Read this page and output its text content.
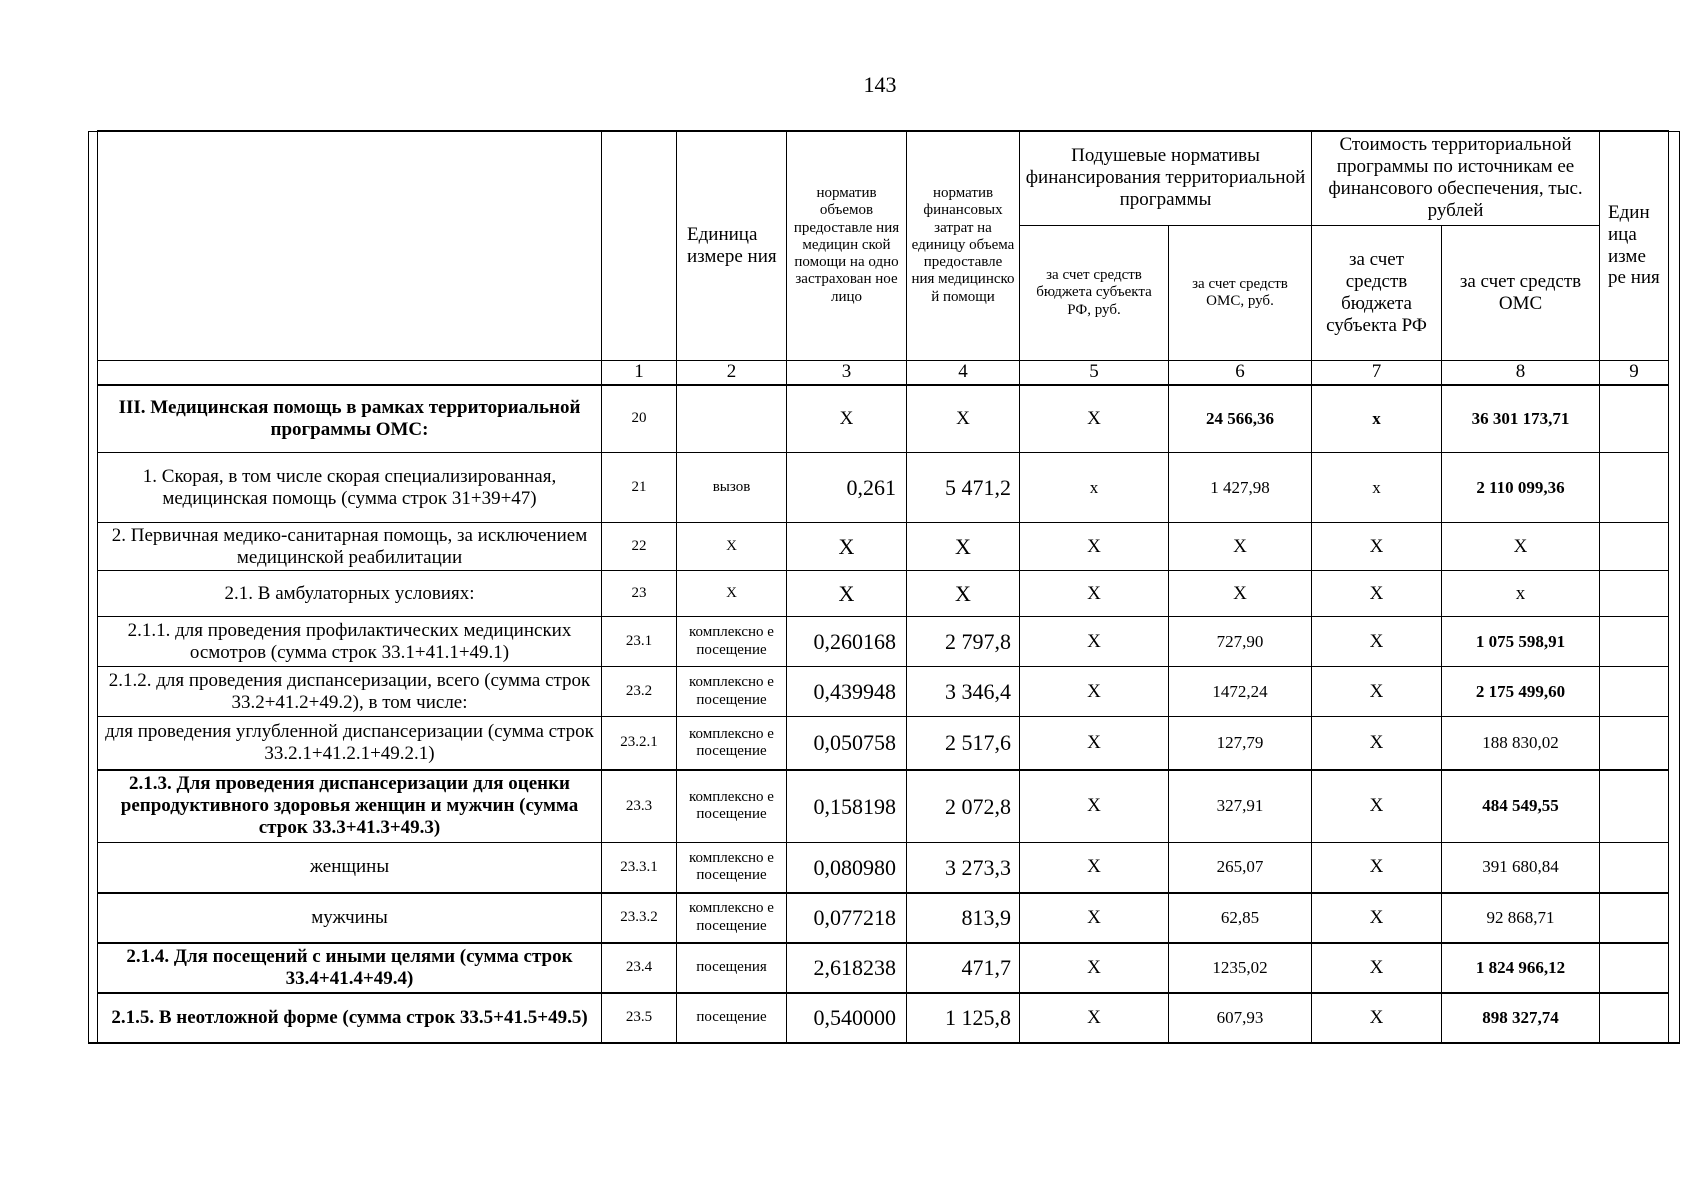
143
		Единица измере ния	норматив объемов предоставле ния медицин ской помощи на одно застрахован ное лицо	норматив финансовых затрат на единицу объема предоставле ния медицинско й помощи	Подушевые нормативы финансирования территориальной программы		Стоимость территориальной программы по источникам ее финансового обеспечения, тыс. рублей		Един ица изме ре ния
					за счет средств бюджета субъекта РФ, руб.	за счет средств ОМС, руб.	за счет средств бюджета субъекта РФ	за счет средств ОМС	
	1	2	3	4	5	6	7	8	9
III. Медицинская помощь в рамках территориальной программы ОМС:	20		X	X	X	24 566,36	х	36 301 173,71	
1. Скорая, в том числе скорая специализированная, медицинская помощь (сумма строк 31+39+47)	21	вызов	0,261	5 471,2	х	1 427,98	х	2 110 099,36	
2. Первичная медико-санитарная помощь, за исключением медицинской реабилитации	22	X	X	X	X	X	X	X	
2.1. В амбулаторных условиях:	23	X	X	X	X	X	X	х	
2.1.1. для проведения профилактических медицинских осмотров (сумма строк 33.1+41.1+49.1)	23.1	комплексно е посещение	0,260168	2 797,8	X	727,90	X	1 075 598,91	
2.1.2. для проведения диспансеризации, всего (сумма строк 33.2+41.2+49.2), в том числе:	23.2	комплексно е посещение	0,439948	3 346,4	X	1472,24	X	2 175 499,60	
для проведения углубленной диспансеризации (сумма строк 33.2.1+41.2.1+49.2.1)	23.2.1	комплексно е посещение	0,050758	2 517,6	X	127,79	X	188 830,02	
2.1.3. Для проведения диспансеризации для оценки репродуктивного здоровья женщин и мужчин (сумма строк 33.3+41.3+49.3)	23.3	комплексно е посещение	0,158198	2 072,8	X	327,91	X	484 549,55	
женщины	23.3.1	комплексно е посещение	0,080980	3 273,3	X	265,07	X	391 680,84	
мужчины	23.3.2	комплексно е посещение	0,077218	813,9	X	62,85	X	92 868,71	
2.1.4. Для посещений с иными целями (сумма строк 33.4+41.4+49.4)	23.4	посещения	2,618238	471,7	X	1235,02	X	1 824 966,12	
2.1.5. В неотложной форме (сумма строк 33.5+41.5+49.5)	23.5	посещение	0,540000	1 125,8	X	607,93	X	898 327,74	
